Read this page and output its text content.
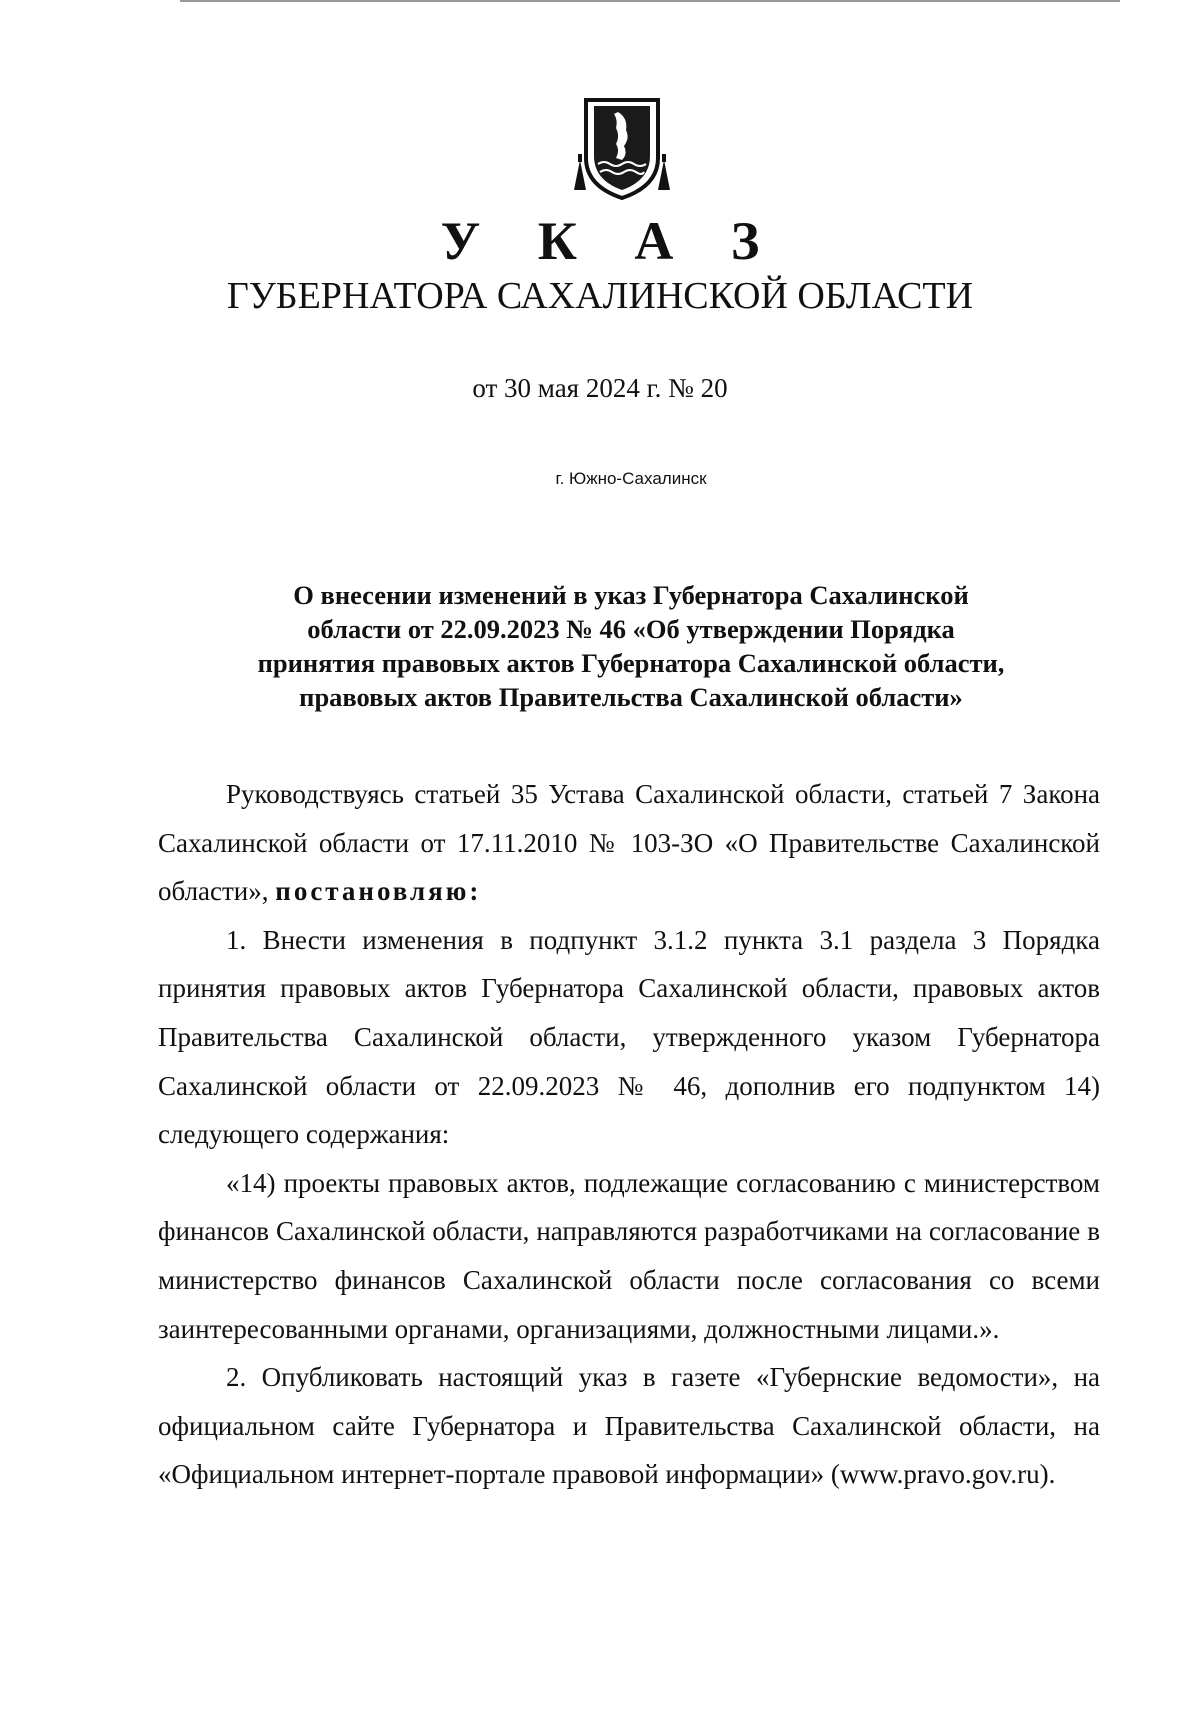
У К А З
ГУБЕРНАТОРА САХАЛИНСКОЙ ОБЛАСТИ
от 30 мая 2024 г. № 20
г. Южно-Сахалинск
О внесении изменений в указ Губернатора Сахалинской
области от 22.09.2023 № 46 «Об утверждении Порядка
принятия правовых актов Губернатора Сахалинской области,
правовых актов Правительства Сахалинской области»

Руководствуясь статьей 35 Устава Сахалинской области, статьей 7 Закона Сахалинской области от 17.11.2010 № 103-ЗО «О Правительстве Сахалинской области», постановляю:

1. Внести изменения в подпункт 3.1.2 пункта 3.1 раздела 3 Порядка принятия правовых актов Губернатора Сахалинской области, правовых актов Правительства Сахалинской области, утвержденного указом Губернатора Сахалинской области от 22.09.2023 № 46, дополнив его подпунктом 14) следующего содержания:

«14) проекты правовых актов, подлежащие согласованию с министерством финансов Сахалинской области, направляются разработчиками на согласование в министерство финансов Сахалинской области после согласования со всеми заинтересованными органами, организациями, должностными лицами.».

2. Опубликовать настоящий указ в газете «Губернские ведомости», на официальном сайте Губернатора и Правительства Сахалинской области, на «Официальном интернет-портале правовой информации» (www.pravo.gov.ru).
